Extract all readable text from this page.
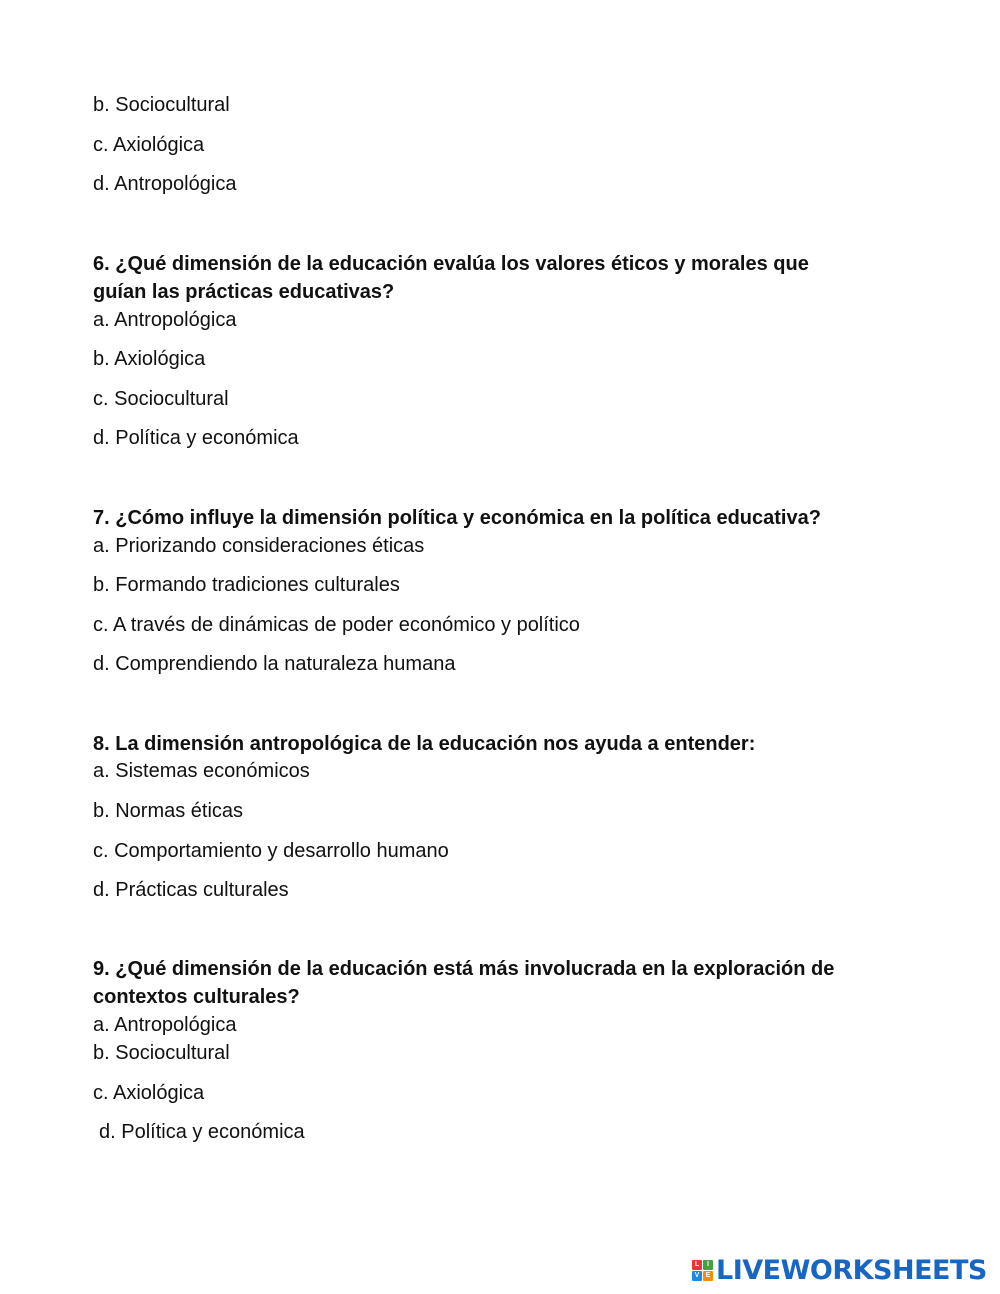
b. Sociocultural
c. Axiológica
d. Antropológica
6. ¿Qué dimensión de la educación evalúa los valores éticos y morales que
guían las prácticas educativas?
a. Antropológica
b. Axiológica
c. Sociocultural
d. Política y económica
7. ¿Cómo influye la dimensión política y económica en la política educativa?
a. Priorizando consideraciones éticas
b. Formando tradiciones culturales
c. A través de dinámicas de poder económico y político
d. Comprendiendo la naturaleza humana
8. La dimensión antropológica de la educación nos ayuda a entender:
a. Sistemas económicos
b. Normas éticas
c. Comportamiento y desarrollo humano
d. Prácticas culturales
9. ¿Qué dimensión de la educación está más involucrada en la exploración de
contextos culturales?
a. Antropológica
b. Sociocultural
c. Axiológica
d. Política y económica
L	I
V E LIVEWORKSHEETS
